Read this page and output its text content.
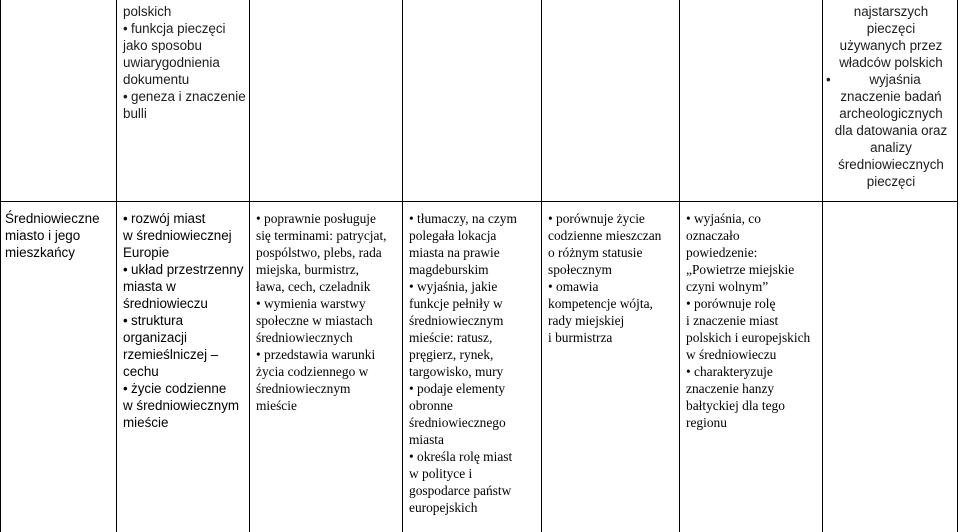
polskich

• funkcja pieczęci

jako sposobu

uwiarygodnienia

dokumentu

• geneza i znaczenie

bulli

najstarszych

pieczęci

używanych przez

władców polskich

• wyjaśnia

znaczenie badań

archeologicznych

dla datowania oraz

analizy

średniowiecznych

pieczęci

Średniowieczne

miasto i jego

mieszkańcy

• rozwój miast

w średniowiecznej

Europie

• układ przestrzenny

miasta w

średniowieczu

• struktura

organizacji

rzemieślniczej –

cechu

• życie codzienne

w średniowiecznym

mieście

• poprawnie posługuje

się terminami: patrycjat,

pospólstwo, plebs, rada

miejska, burmistrz,

ława, cech, czeladnik

• wymienia warstwy

społeczne w miastach

średniowiecznych

• przedstawia warunki

życia codziennego w

średniowiecznym

mieście

• tłumaczy, na czym

polegała lokacja

miasta na prawie

magdeburskim

• wyjaśnia, jakie

funkcje pełniły w

średniowiecznym

mieście: ratusz,

pręgierz, rynek,

targowisko, mury

• podaje elementy

obronne

średniowiecznego

miasta

• określa rolę miast

w polityce i

gospodarce państw

europejskich

• porównuje życie

codzienne mieszczan

o różnym statusie

społecznym

• omawia

kompetencje wójta,

rady miejskiej

i burmistrza

• wyjaśnia, co

oznaczało

powiedzenie:

„Powietrze miejskie

czyni wolnym”

• porównuje rolę

i znaczenie miast

polskich i europejskich

w średniowieczu

• charakteryzuje

znaczenie hanzy

bałtyckiej dla tego

regionu
